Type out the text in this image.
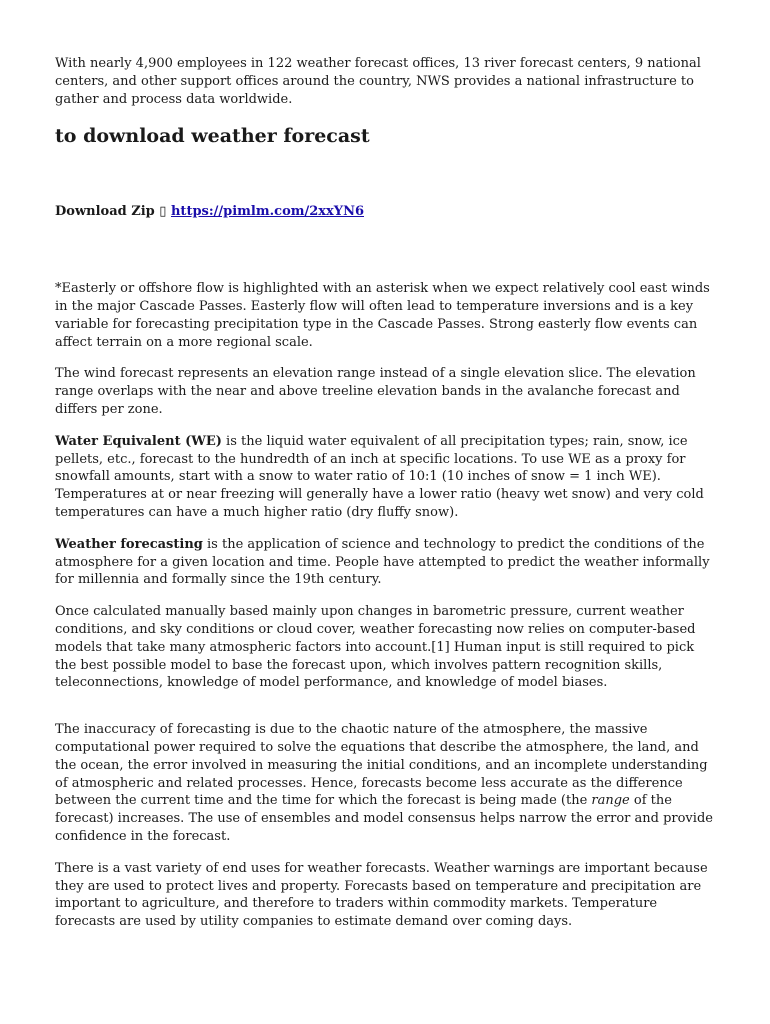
With nearly 4,900 employees in 122 weather forecast offices, 13 river forecast centers, 9 national centers, and other support offices around the country, NWS provides a national infrastructure to gather and process data worldwide.

to download weather forecast
Download Zip ▯ https://pimlm.com/2xxYN6

*Easterly or offshore flow is highlighted with an asterisk when we expect relatively cool east winds in the major Cascade Passes. Easterly flow will often lead to temperature inversions and is a key variable for forecasting precipitation type in the Cascade Passes. Strong easterly flow events can affect terrain on a more regional scale.

The wind forecast represents an elevation range instead of a single elevation slice. The elevation range overlaps with the near and above treeline elevation bands in the avalanche forecast and differs per zone.

Water Equivalent (WE) is the liquid water equivalent of all precipitation types; rain, snow, ice pellets, etc., forecast to the hundredth of an inch at specific locations. To use WE as a proxy for snowfall amounts, start with a snow to water ratio of 10:1 (10 inches of snow = 1 inch WE). Temperatures at or near freezing will generally have a lower ratio (heavy wet snow) and very cold temperatures can have a much higher ratio (dry fluffy snow).

Weather forecasting is the application of science and technology to predict the conditions of the atmosphere for a given location and time. People have attempted to predict the weather informally for millennia and formally since the 19th century.

Once calculated manually based mainly upon changes in barometric pressure, current weather conditions, and sky conditions or cloud cover, weather forecasting now relies on computer-based models that take many atmospheric factors into account.[1] Human input is still required to pick the best possible model to base the forecast upon, which involves pattern recognition skills, teleconnections, knowledge of model performance, and knowledge of model biases.

The inaccuracy of forecasting is due to the chaotic nature of the atmosphere, the massive computational power required to solve the equations that describe the atmosphere, the land, and the ocean, the error involved in measuring the initial conditions, and an incomplete understanding of atmospheric and related processes. Hence, forecasts become less accurate as the difference between the current time and the time for which the forecast is being made (the range of the forecast) increases. The use of ensembles and model consensus helps narrow the error and provide confidence in the forecast.

There is a vast variety of end uses for weather forecasts. Weather warnings are important because they are used to protect lives and property. Forecasts based on temperature and precipitation are important to agriculture, and therefore to traders within commodity markets. Temperature forecasts are used by utility companies to estimate demand over coming days.
